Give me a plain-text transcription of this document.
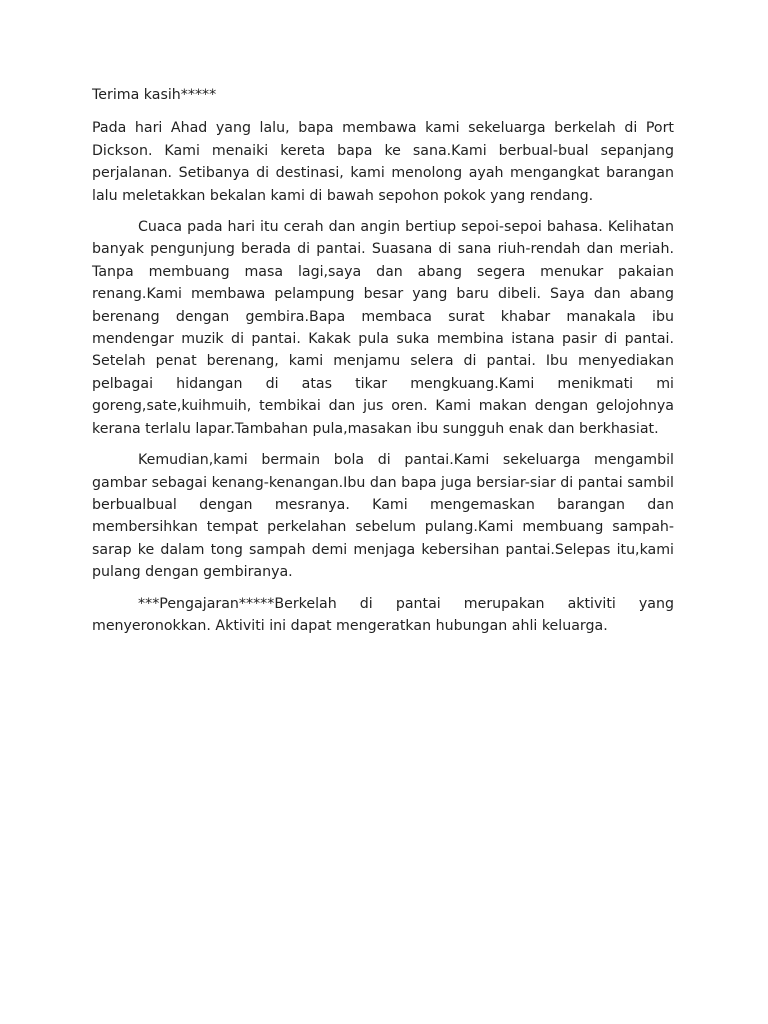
Terima kasih*****

Pada hari Ahad yang lalu, bapa membawa kami sekeluarga berkelah di Port Dickson. Kami menaiki kereta bapa ke sana.Kami berbual-bual sepanjang perjalanan. Setibanya di destinasi, kami menolong ayah mengangkat barangan lalu meletakkan bekalan kami di bawah sepohon pokok yang rendang.

Cuaca pada hari itu cerah dan angin bertiup sepoi-sepoi bahasa. Kelihatan banyak pengunjung berada di pantai. Suasana di sana riuh-rendah dan meriah. Tanpa membuang masa lagi,saya dan abang segera menukar pakaian renang.Kami membawa pelampung besar yang baru dibeli. Saya dan abang berenang dengan gembira.Bapa membaca surat khabar manakala ibu mendengar muzik di pantai. Kakak pula suka membina istana pasir di pantai. Setelah penat berenang, kami menjamu selera di pantai. Ibu menyediakan pelbagai hidangan di atas tikar mengkuang.Kami menikmati mi goreng,sate,kuihmuih, tembikai dan jus oren. Kami makan dengan gelojohnya kerana terlalu lapar.Tambahan pula,masakan ibu sungguh enak dan berkhasiat.

Kemudian,kami bermain bola di pantai.Kami sekeluarga mengambil gambar sebagai kenang-kenangan.Ibu dan bapa juga bersiar-siar di pantai sambil berbualbual dengan mesranya. Kami mengemaskan barangan dan membersihkan tempat perkelahan sebelum pulang.Kami membuang sampah-sarap ke dalam tong sampah demi menjaga kebersihan pantai.Selepas itu,kami pulang dengan gembiranya.

***Pengajaran*****Berkelah di pantai merupakan aktiviti yang menyeronokkan. Aktiviti ini dapat mengeratkan hubungan ahli keluarga.
